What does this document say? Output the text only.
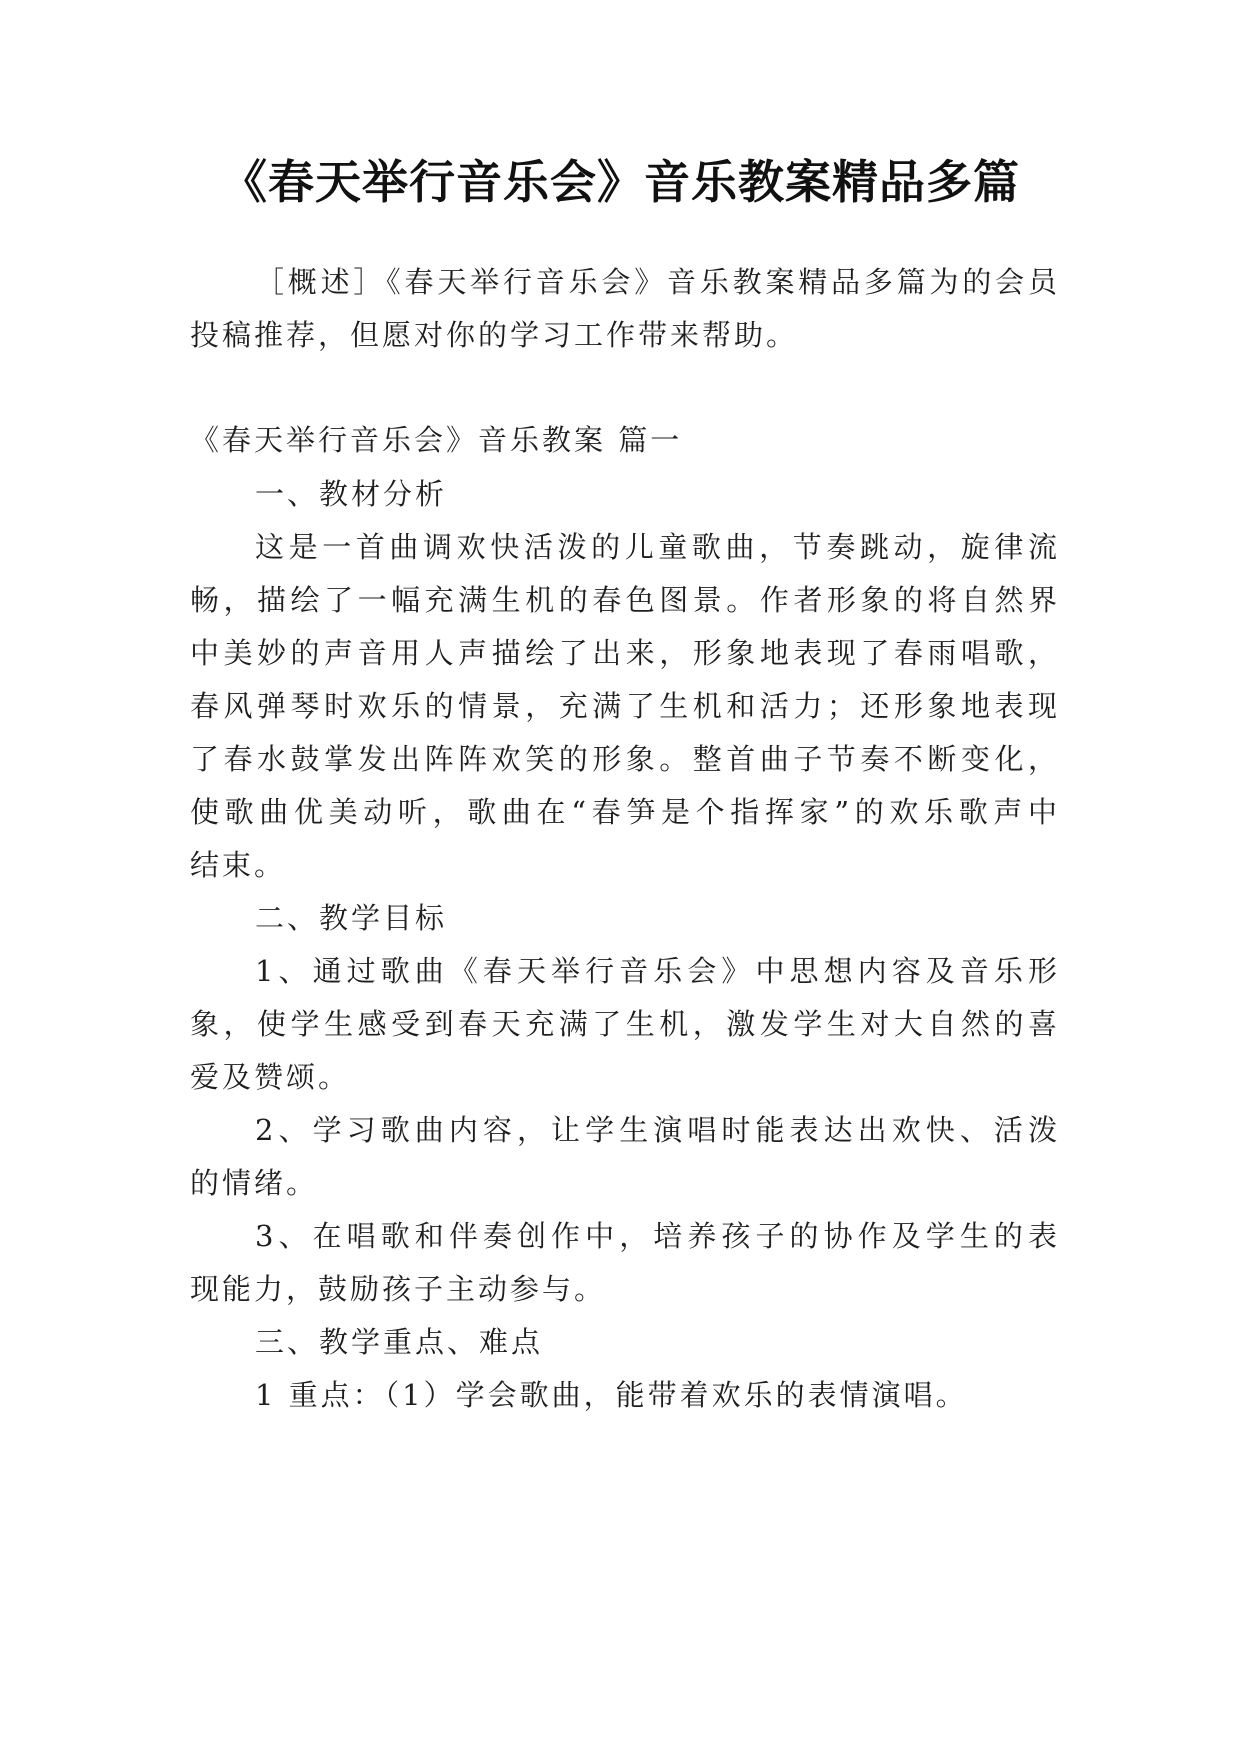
《春天举行音乐会》音乐教案精品多篇
［概述］《春天举行音乐会》音乐教案精品多篇为的会员
投稿推荐，但愿对你的学习工作带来帮助。
《春天举行音乐会》音乐教案 篇一
一、教材分析
这是一首曲调欢快活泼的儿童歌曲，节奏跳动，旋律流
畅，描绘了一幅充满生机的春色图景。作者形象的将自然界
中美妙的声音用人声描绘了出来，形象地表现了春雨唱歌，
春风弹琴时欢乐的情景，充满了生机和活力；还形象地表现
了春水鼓掌发出阵阵欢笑的形象。整首曲子节奏不断变化，
使歌曲优美动听，歌曲在“春笋是个指挥家”的欢乐歌声中
结束。
二、教学目标
1、通过歌曲《春天举行音乐会》中思想内容及音乐形
象，使学生感受到春天充满了生机，激发学生对大自然的喜
爱及赞颂。
2、学习歌曲内容，让学生演唱时能表达出欢快、活泼
的情绪。
3、在唱歌和伴奏创作中，培养孩子的协作及学生的表
现能力，鼓励孩子主动参与。
三、教学重点、难点
1 重点：（1）学会歌曲，能带着欢乐的表情演唱。
